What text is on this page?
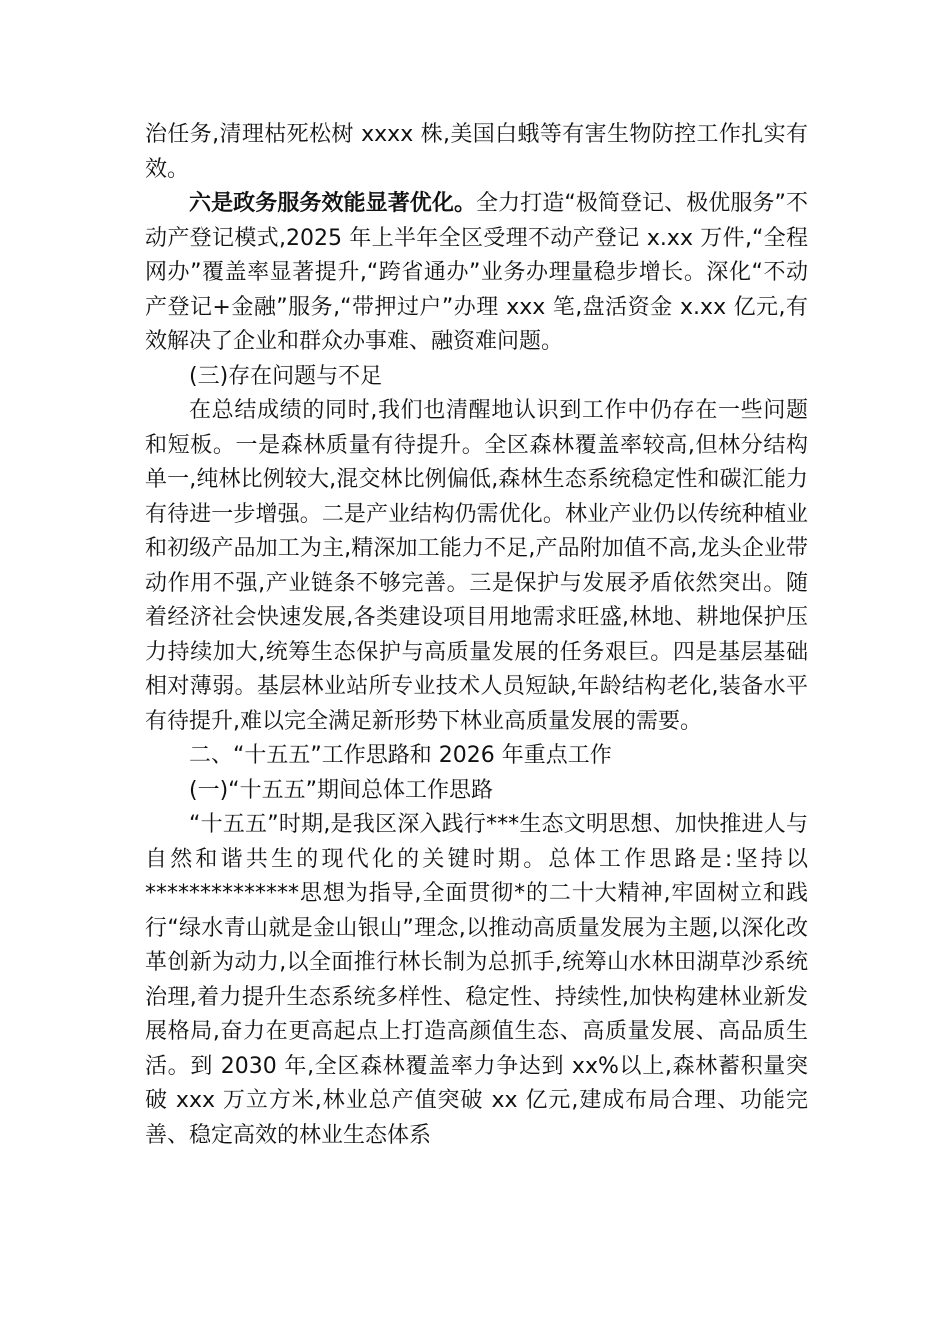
治任务,清理枯死松树 xxxx 株,美国白蛾等有害生物防控工作扎实有效。

六是政务服务效能显著优化。全力打造“极简登记、极优服务”不动产登记模式,2025 年上半年全区受理不动产登记 x.xx 万件,“全程网办”覆盖率显著提升,“跨省通办”业务办理量稳步增长。深化“不动产登记+金融”服务,“带押过户”办理 xxx 笔,盘活资金 x.xx 亿元,有效解决了企业和群众办事难、融资难问题。

(三)存在问题与不足

在总结成绩的同时,我们也清醒地认识到工作中仍存在一些问题和短板。一是森林质量有待提升。全区森林覆盖率较高,但林分结构单一,纯林比例较大,混交林比例偏低,森林生态系统稳定性和碳汇能力有待进一步增强。二是产业结构仍需优化。林业产业仍以传统种植业和初级产品加工为主,精深加工能力不足,产品附加值不高,龙头企业带动作用不强,产业链条不够完善。三是保护与发展矛盾依然突出。随着经济社会快速发展,各类建设项目用地需求旺盛,林地、耕地保护压力持续加大,统筹生态保护与高质量发展的任务艰巨。四是基层基础相对薄弱。基层林业站所专业技术人员短缺,年龄结构老化,装备水平有待提升,难以完全满足新形势下林业高质量发展的需要。

二、“十五五”工作思路和 2026 年重点工作

(一)“十五五”期间总体工作思路

“十五五”时期,是我区深入践行***生态文明思想、加快推进人与自然和谐共生的现代化的关键时期。总体工作思路是:坚持以**************思想为指导,全面贯彻*的二十大精神,牢固树立和践行“绿水青山就是金山银山”理念,以推动高质量发展为主题,以深化改革创新为动力,以全面推行林长制为总抓手,统筹山水林田湖草沙系统治理,着力提升生态系统多样性、稳定性、持续性,加快构建林业新发展格局,奋力在更高起点上打造高颜值生态、高质量发展、高品质生活。到 2030 年,全区森林覆盖率力争达到 xx%以上,森林蓄积量突破 xxx 万立方米,林业总产值突破 xx 亿元,建成布局合理、功能完善、稳定高效的林业生态体系
